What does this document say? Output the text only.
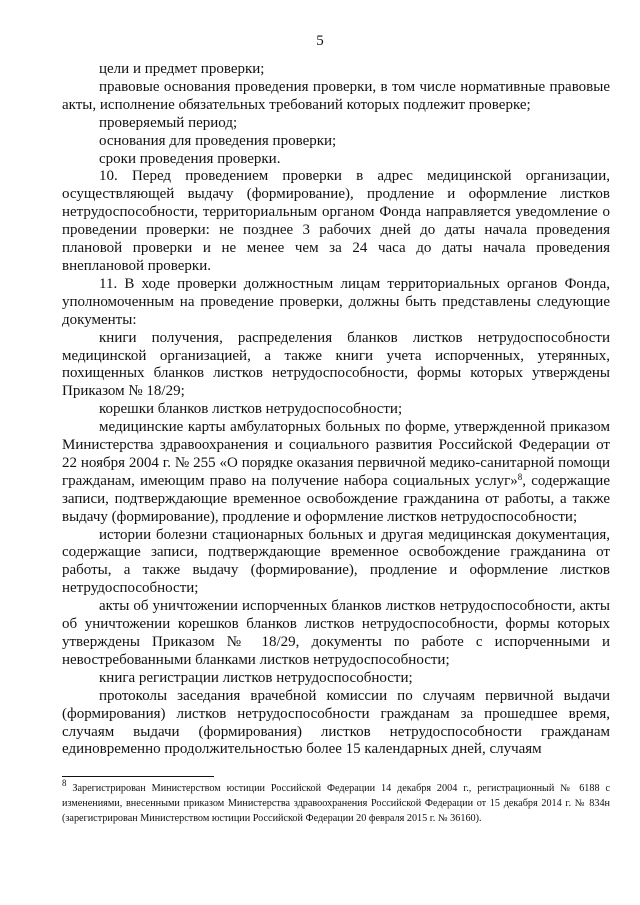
5

цели и предмет проверки;

правовые основания проведения проверки, в том числе нормативные правовые акты, исполнение обязательных требований которых подлежит проверке;

проверяемый период;

основания для проведения проверки;

сроки проведения проверки.

10. Перед проведением проверки в адрес медицинской организации, осуществляющей выдачу (формирование), продление и оформление листков нетрудоспособности, территориальным органом Фонда направляется уведомление о проведении проверки: не позднее 3 рабочих дней до даты начала проведения плановой проверки и не менее чем за 24 часа до даты начала проведения внеплановой проверки.

11. В ходе проверки должностным лицам территориальных органов Фонда, уполномоченным на проведение проверки, должны быть представлены следующие документы:

книги получения, распределения бланков листков нетрудоспособности медицинской организацией, а также книги учета испорченных, утерянных, похищенных бланков листков нетрудоспособности, формы которых утверждены Приказом № 18/29;

корешки бланков листков нетрудоспособности;

медицинские карты амбулаторных больных по форме, утвержденной приказом Министерства здравоохранения и социального развития Российской Федерации от 22 ноября 2004 г. № 255 «О порядке оказания первичной медико-санитарной помощи гражданам, имеющим право на получение набора социальных услуг»$^8$, содержащие записи, подтверждающие временное освобождение гражданина от работы, а также выдачу (формирование), продление и оформление листков нетрудоспособности;

истории болезни стационарных больных и другая медицинская документация, содержащие записи, подтверждающие временное освобождение гражданина от работы, а также выдачу (формирование), продление и оформление листков нетрудоспособности;

акты об уничтожении испорченных бланков листков нетрудоспособности, акты об уничтожении корешков бланков листков нетрудоспособности, формы которых утверждены Приказом № 18/29, документы по работе с испорченными и невостребованными бланками листков нетрудоспособности;

книга регистрации листков нетрудоспособности;

протоколы заседания врачебной комиссии по случаям первичной выдачи (формирования) листков нетрудоспособности гражданам за прошедшее время, случаям выдачи (формирования) листков нетрудоспособности гражданам единовременно продолжительностью более 15 календарных дней, случаям

$^8$ Зарегистрирован Министерством юстиции Российской Федерации 14 декабря 2004 г., регистрационный № 6188 с изменениями, внесенными приказом Министерства здравоохранения Российской Федерации от 15 декабря 2014 г. № 834н (зарегистрирован Министерством юстиции Российской Федерации 20 февраля 2015 г. № 36160).
